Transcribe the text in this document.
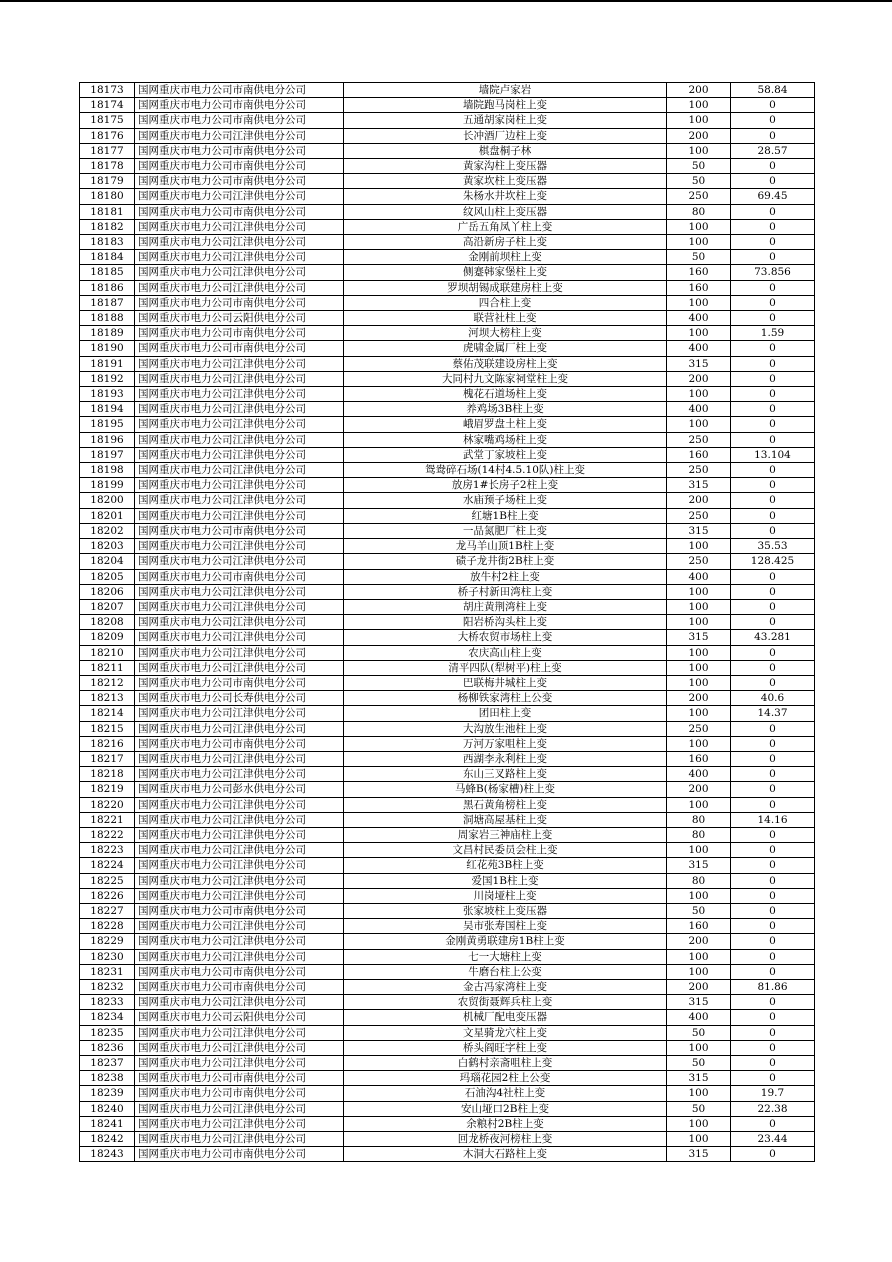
18173	国网重庆市电力公司市南供电分公司	墙院卢家岩	200	58.84
18174	国网重庆市电力公司市南供电分公司	墙院跑马岗柱上变	100	0
18175	国网重庆市电力公司市南供电分公司	五通胡家岗柱上变	100	0
18176	国网重庆市电力公司江津供电分公司	长冲酒厂边柱上变	200	0
18177	国网重庆市电力公司市南供电分公司	棋盘桐子林	100	28.57
18178	国网重庆市电力公司市南供电分公司	黄家沟柱上变压器	50	0
18179	国网重庆市电力公司市南供电分公司	黄家坎柱上变压器	50	0
18180	国网重庆市电力公司江津供电分公司	朱杨水井坎柱上变	250	69.45
18181	国网重庆市电力公司市南供电分公司	纹风山柱上变压器	80	0
18182	国网重庆市电力公司江津供电分公司	广岳五角凤丫柱上变	100	0
18183	国网重庆市电力公司江津供电分公司	高沿新房子柱上变	100	0
18184	国网重庆市电力公司江津供电分公司	金刚前坝柱上变	50	0
18185	国网重庆市电力公司江津供电分公司	侧蹇韩家堡柱上变	160	73.856
18186	国网重庆市电力公司江津供电分公司	罗坝胡锡成联建房柱上变	160	0
18187	国网重庆市电力公司市南供电分公司	四合柱上变	100	0
18188	国网重庆市电力公司云阳供电分公司	联营社柱上变	400	0
18189	国网重庆市电力公司市南供电分公司	河坝大榜柱上变	100	1.59
18190	国网重庆市电力公司市南供电分公司	虎啸金属厂柱上变	400	0
18191	国网重庆市电力公司江津供电分公司	蔡佑茂联建设房柱上变	315	0
18192	国网重庆市电力公司江津供电分公司	大同村九文陈家祠堂柱上变	200	0
18193	国网重庆市电力公司江津供电分公司	槐花石道场柱上变	100	0
18194	国网重庆市电力公司江津供电分公司	养鸡场3B柱上变	400	0
18195	国网重庆市电力公司江津供电分公司	峨眉罗盘土柱上变	100	0
18196	国网重庆市电力公司江津供电分公司	林家嘴鸡场柱上变	250	0
18197	国网重庆市电力公司江津供电分公司	武堂丁家坡柱上变	160	13.104
18198	国网重庆市电力公司江津供电分公司	鸳鸯碎石场(14村4.5.10队)柱上变	250	0
18199	国网重庆市电力公司江津供电分公司	放房1#长房子2柱上变	315	0
18200	国网重庆市电力公司江津供电分公司	水庙预子场柱上变	200	0
18201	国网重庆市电力公司江津供电分公司	红塘1B柱上变	250	0
18202	国网重庆市电力公司市南供电分公司	一品氮肥厂柱上变	315	0
18203	国网重庆市电力公司江津供电分公司	龙马羊山顶1B柱上变	100	35.53
18204	国网重庆市电力公司江津供电分公司	碛子龙井街2B柱上变	250	128.425
18205	国网重庆市电力公司市南供电分公司	放牛村2柱上变	400	0
18206	国网重庆市电力公司江津供电分公司	桥子村新田湾柱上变	100	0
18207	国网重庆市电力公司江津供电分公司	胡庄黄荆湾柱上变	100	0
18208	国网重庆市电力公司江津供电分公司	阳岩桥沟头柱上变	100	0
18209	国网重庆市电力公司江津供电分公司	大桥农贸市场柱上变	315	43.281
18210	国网重庆市电力公司江津供电分公司	农庆高山柱上变	100	0
18211	国网重庆市电力公司江津供电分公司	清平四队(犁树平)柱上变	100	0
18212	国网重庆市电力公司市南供电分公司	巴联梅井城柱上变	100	0
18213	国网重庆市电力公司长寿供电分公司	杨柳铁家湾柱上公变	200	40.6
18214	国网重庆市电力公司江津供电分公司	团田柱上变	100	14.37
18215	国网重庆市电力公司江津供电分公司	大沟放生池柱上变	250	0
18216	国网重庆市电力公司市南供电分公司	万河万家咀柱上变	100	0
18217	国网重庆市电力公司江津供电分公司	西湖李永利柱上变	160	0
18218	国网重庆市电力公司江津供电分公司	东山三叉路柱上变	400	0
18219	国网重庆市电力公司彭水供电分公司	马蜂B(杨家槽)柱上变	200	0
18220	国网重庆市电力公司江津供电分公司	黑石黄角榜柱上变	100	0
18221	国网重庆市电力公司江津供电分公司	洞塘高屋基柱上变	80	14.16
18222	国网重庆市电力公司江津供电分公司	周家岩三神庙柱上变	80	0
18223	国网重庆市电力公司江津供电分公司	文昌村民委员会柱上变	100	0
18224	国网重庆市电力公司江津供电分公司	红花苑3B柱上变	315	0
18225	国网重庆市电力公司江津供电分公司	爱国1B柱上变	80	0
18226	国网重庆市电力公司江津供电分公司	川岗垭柱上变	100	0
18227	国网重庆市电力公司市南供电分公司	张家坡柱上变压器	50	0
18228	国网重庆市电力公司江津供电分公司	吴市张寿国柱上变	160	0
18229	国网重庆市电力公司江津供电分公司	金刚黄勇联建房1B柱上变	200	0
18230	国网重庆市电力公司江津供电分公司	七一大塘柱上变	100	0
18231	国网重庆市电力公司市南供电分公司	牛磨台柱上公变	100	0
18232	国网重庆市电力公司市南供电分公司	金古冯家湾柱上变	200	81.86
18233	国网重庆市电力公司江津供电分公司	农贸街聂辉兵柱上变	315	0
18234	国网重庆市电力公司云阳供电分公司	机械厂配电变压器	400	0
18235	国网重庆市电力公司江津供电分公司	文星骑龙穴柱上变	50	0
18236	国网重庆市电力公司江津供电分公司	桥头阎旺字柱上变	100	0
18237	国网重庆市电力公司江津供电分公司	白鹤村亲斋咀柱上变	50	0
18238	国网重庆市电力公司市南供电分公司	玛瑙花园2柱上公变	315	0
18239	国网重庆市电力公司市南供电分公司	石油沟4社柱上变	100	19.7
18240	国网重庆市电力公司江津供电分公司	安山垭口2B柱上变	50	22.38
18241	国网重庆市电力公司江津供电分公司	余粮村2B柱上变	100	0
18242	国网重庆市电力公司江津供电分公司	回龙桥夜河榜柱上变	100	23.44
18243	国网重庆市电力公司市南供电分公司	木洞大石路柱上变	315	0
